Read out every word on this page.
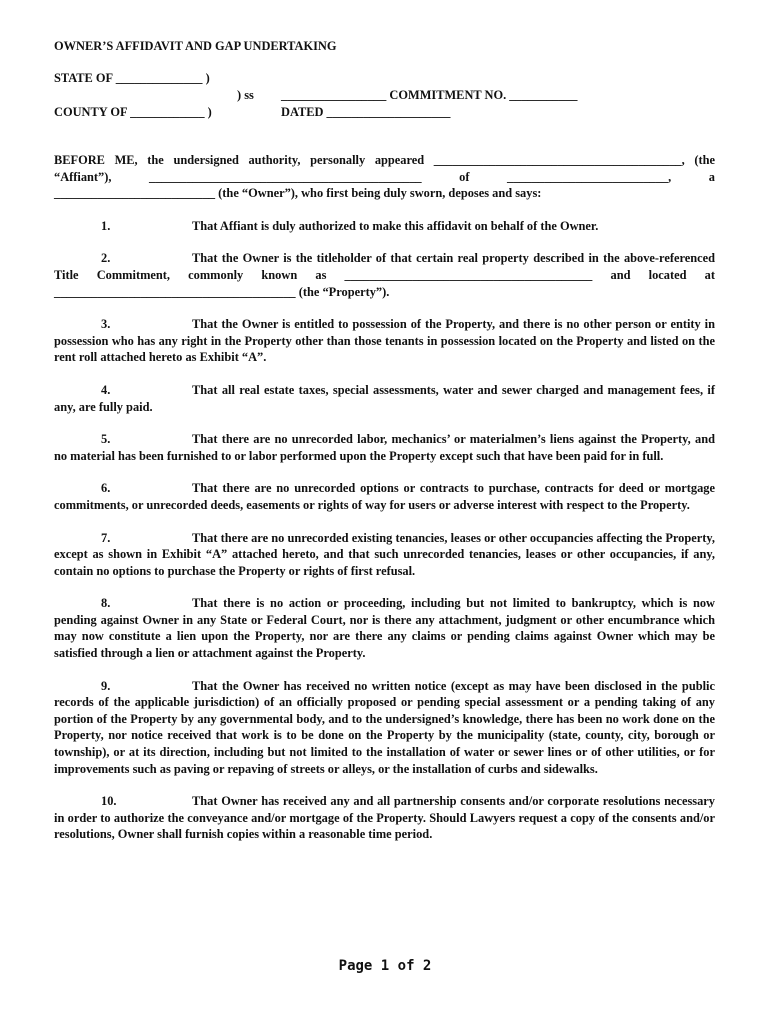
OWNER’S AFFIDAVIT AND GAP UNDERTAKING
STATE OF ______________ )
) ss _________________ COMMITMENT NO. ___________
COUNTY OF ____________ )	DATED ____________________

BEFORE ME, the undersigned authority, personally appeared ________________________________________, (the “Affiant”), ____________________________________________ of __________________________, a __________________________ (the “Owner”), who first being duly sworn, deposes and says:

1.	That Affiant is duly authorized to make this affidavit on behalf of the Owner.

2.	That the Owner is the titleholder of that certain real property described in the above-referenced Title Commitment, commonly known as ________________________________________ and located at _______________________________________ (the “Property”).

3.	That the Owner is entitled to possession of the Property, and there is no other person or entity in possession who has any right in the Property other than those tenants in possession located on the Property and listed on the rent roll attached hereto as Exhibit “A”.

4.	That all real estate taxes, special assessments, water and sewer charged and management fees, if any, are fully paid.

5.	That there are no unrecorded labor, mechanics’ or materialmen’s liens against the Property, and no material has been furnished to or labor performed upon the Property except such that have been paid for in full.

6.	That there are no unrecorded options or contracts to purchase, contracts for deed or mortgage commitments, or unrecorded deeds, easements or rights of way for users or adverse interest with respect to the Property.

7.	That there are no unrecorded existing tenancies, leases or other occupancies affecting the Property, except as shown in Exhibit “A” attached hereto, and that such unrecorded tenancies, leases or other occupancies, if any, contain no options to purchase the Property or rights of first refusal.

8.	That there is no action or proceeding, including but not limited to bankruptcy, which is now pending against Owner in any State or Federal Court, nor is there any attachment, judgment or other encumbrance which may now constitute a lien upon the Property, nor are there any claims or pending claims against Owner which may be satisfied through a lien or attachment against the Property.

9.	That the Owner has received no written notice (except as may have been disclosed in the public records of the applicable jurisdiction) of an officially proposed or pending special assessment or a pending taking of any portion of the Property by any governmental body, and to the undersigned’s knowledge, there has been no work done on the Property, nor notice received that work is to be done on the Property by the municipality (state, county, city, borough or township), or at its direction, including but not limited to the installation of water or sewer lines or of other utilities, or for improvements such as paving or repaving of streets or alleys, or the installation of curbs and sidewalks.

10.	That Owner has received any and all partnership consents and/or corporate resolutions necessary in order to authorize the conveyance and/or mortgage of the Property. Should Lawyers request a copy of the consents and/or resolutions, Owner shall furnish copies within a reasonable time period.

Page 1 of 2
